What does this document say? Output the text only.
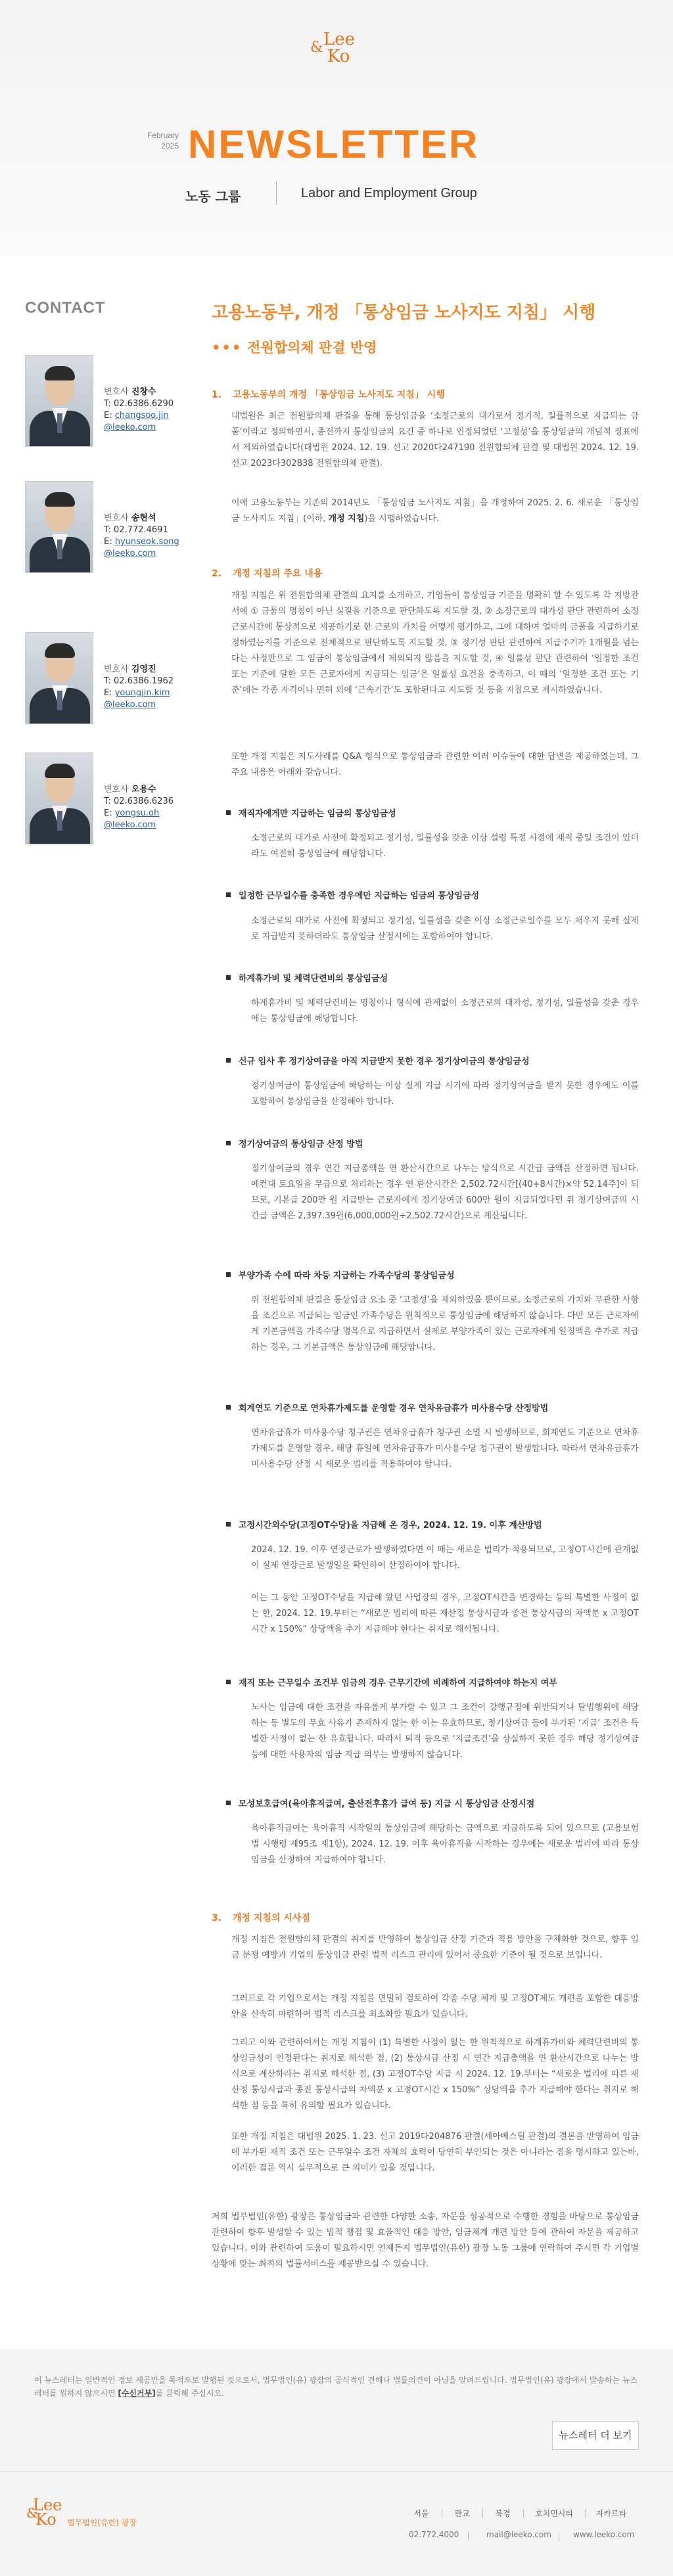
& Lee
Ko
February
2025 NEWSLETTER
노동 그룹	Labor and Employment Group
CONTACT
변호사 진창수
T: 02.6386.6290
E: changsoo.jin
@leeko.com
변호사 송현석
T: 02.772.4691
E: hyunseok.song
@leeko.com
변호사 김영진
T: 02.6386.1962
E: youngjin.kim
@leeko.com
변호사 오용수
T: 02.6386.6236
E: yongsu.oh
@leeko.com
고용노동부, 개정 「통상임금 노사지도 지침」 시행
••• 전원합의체 판결 반영
1. 고용노동부의 개정 「통상임금 노사지도 지침」 시행
대법원은 최근 전원합의체 판결을 통해 통상임금을 ‘소정근로의 대가로서 정기적, 일률적으로 지급되는 금품’이라고 정의하면서, 종전까지 통상임금의 요건 중 하나로 인정되었던 ‘고정성’을 통상임금의 개념적 징표에서 제외하였습니다(대법원 2024. 12. 19. 선고 2020다247190 전원합의체 판결 및 대법원 2024. 12. 19. 선고 2023다302838 전원합의체 판결).
이에 고용노동부는 기존의 2014년도 「통상임금 노사지도 지침」을 개정하여 2025. 2. 6. 새로운 「통상임금 노사지도 지침」(이하, 개정 지침)을 시행하였습니다.
2. 개정 지침의 주요 내용
개정 지침은 위 전원합의체 판결의 요지를 소개하고, 기업들이 통상임금 기준을 명확히 할 수 있도록 각 지방관서에 ① 금품의 명칭이 아닌 실질을 기준으로 판단하도록 지도할 것, ② 소정근로의 대가성 판단 관련하여 소정근로시간에 통상적으로 제공하기로 한 근로의 가치를 어떻게 평가하고, 그에 대하여 얼마의 금품을 지급하기로 정하였는지를 기준으로 전체적으로 판단하도록 지도할 것, ③ 정기성 판단 관련하여 지급주기가 1개월을 넘는다는 사정만으로 그 임금이 통상임금에서 제외되지 않음을 지도할 것, ④ 일률성 판단 관련하여 ‘일정한 조건 또는 기준에 달한 모든 근로자에게 지급되는 임금’은 일률성 요건을 충족하고, 이 때의 ‘일정한 조건 또는 기준’에는 각종 자격이나 면허 외에 ‘근속기간’도 포함된다고 지도할 것 등을 지침으로 제시하였습니다.
또한 개정 지침은 지도사례를 Q&A 형식으로 통상임금과 관련한 여러 이슈들에 대한 답변을 제공하였는데, 그 주요 내용은 아래와 같습니다.
재직자에게만 지급하는 임금의 통상임금성
소정근로의 대가로 사전에 확정되고 정기성, 일률성을 갖춘 이상 설령 특정 시점에 재직 중일 조건이 있더라도 여전히 통상임금에 해당합니다.
일정한 근무일수를 충족한 경우에만 지급하는 임금의 통상임금성
소정근로의 대가로 사전에 확정되고 정기성, 일률성을 갖춘 이상 소정근로일수를 모두 채우지 못해 실제로 지급받지 못하더라도 통상임금 산정시에는 포함하여야 합니다.
하계휴가비 및 체력단련비의 통상임금성
하계휴가비 및 체력단련비는 명칭이나 형식에 관계없이 소정근로의 대가성, 정기성, 일률성을 갖춘 경우에는 통상임금에 해당합니다.
신규 입사 후 정기상여금을 아직 지급받지 못한 경우 정기상여금의 통상임금성
정기상여금이 통상임금에 해당하는 이상 실제 지급 시기에 따라 정기상여금을 받지 못한 경우에도 이를 포함하여 통상임금을 산정해야 합니다.
정기상여금의 통상임금 산정 방법
정기상여금의 경우 연간 지급총액을 연 환산시간으로 나누는 방식으로 시간급 금액을 산정하면 됩니다. 예컨대 토요일을 무급으로 처리하는 경우 연 환산시간은 2,502.72시간[(40+8시간)×약 52.14주]이 되므로, 기본급 200만 원 지급받는 근로자에게 정기상여금 600만 원이 지급되었다면 위 정기상여금의 시간급 금액은 2,397.39원(6,000,000원÷2,502.72시간)으로 계산됩니다.
부양가족 수에 따라 차등 지급하는 가족수당의 통상임금성
위 전원합의체 판결은 통상임금 요소 중 ‘고정성’을 제외하였을 뿐이므로, 소정근로의 가치와 무관한 사항을 조건으로 지급되는 임금인 가족수당은 원칙적으로 통상임금에 해당하지 않습니다. 다만 모든 근로자에게 기본금액을 가족수당 명목으로 지급하면서 실제로 부양가족이 있는 근로자에게 일정액을 추가로 지급하는 경우, 그 기본금액은 통상임금에 해당합니다.
회계연도 기준으로 연차휴가제도를 운영할 경우 연차유급휴가 미사용수당 산정방법
연차유급휴가 미사용수당 청구권은 연차유급휴가 청구권 소멸 시 발생하므로, 회계연도 기준으로 연차휴가제도를 운영할 경우, 해당 휴일에 연차유급휴가 미사용수당 청구권이 발생합니다. 따라서 연차유급휴가 미사용수당 산정 시 새로운 법리를 적용하여야 합니다.
고정시간외수당(고정OT수당)을 지급해 온 경우, 2024. 12. 19. 이후 계산방법
2024. 12. 19. 이후 연장근로가 발생하였다면 이 때는 새로운 법리가 적용되므로, 고정OT시간에 관계없이 실제 연장근로 발생일을 확인하여 산정하여야 합니다.
이는 그 동안 고정OT수당을 지급해 왔던 사업장의 경우, 고정OT시간을 변경하는 등의 특별한 사정이 없는 한, 2024. 12. 19.부터는 “새로운 법리에 따른 재산정 통상시급과 종전 통상시급의 차액분 x 고정OT시간 x 150%” 상당액을 추가 지급해야 한다는 취지로 해석됩니다.
재직 또는 근무일수 조건부 임금의 경우 근무기간에 비례하여 지급하여야 하는지 여부
노사는 임금에 대한 조건을 자유롭게 부가할 수 있고 그 조건이 강행규정에 위반되거나 탈법행위에 해당하는 등 별도의 무효 사유가 존재하지 않는 한 이는 유효하므로, 정기상여금 등에 부가된 ‘지급’ 조건은 특별한 사정이 없는 한 유효합니다. 따라서 퇴직 등으로 ‘지급조건’을 상실하지 못한 경우 해당 정기상여금 등에 대한 사용자의 임금 지급 의무는 발생하지 않습니다.
모성보호급여(육아휴직급여, 출산전후휴가 급여 등) 지급 시 통상임금 산정시점
육아휴직급여는 육아휴직 시작일의 통상임금에 해당하는 금액으로 지급하도록 되어 있으므로 (고용보험법 시행령 제95조 제1항), 2024. 12. 19. 이후 육아휴직을 시작하는 경우에는 새로운 법리에 따라 통상임금을 산정하여 지급하여야 합니다.
3. 개정 지침의 시사점
개정 지침은 전원합의체 판결의 취지를 반영하여 통상임금 산정 기준과 적용 방안을 구체화한 것으로, 향후 임금 분쟁 예방과 기업의 통상임금 관련 법적 리스크 관리에 있어서 중요한 기준이 될 것으로 보입니다.
그러므로 각 기업으로서는 개정 지침을 면밀히 검토하여 각종 수당 체계 및 고정OT제도 개편을 포함한 대응방안을 신속히 마련하여 법적 리스크를 최소화할 필요가 있습니다.
그리고 이와 관련하여서는 개정 지침이 (1) 특별한 사정이 없는 한 원칙적으로 하계휴가비와 체력단련비의 통상임금성이 인정된다는 취지로 해석한 점, (2) 통상시급 산정 시 연간 지급총액을 연 환산시간으로 나누는 방식으로 계산하라는 취지로 해석한 점, (3) 고정OT수당 지급 시 2024. 12. 19.부터는 “새로운 법리에 따른 재산정 통상시급과 종전 통상시급의 차액분 x 고정OT시간 x 150%” 상당액을 추가 지급해야 한다는 취지로 해석한 점 등을 특히 유의할 필요가 있습니다.
또한 개정 지침은 대법원 2025. 1. 23. 선고 2019다204876 판결(세아베스틸 판결)의 결론을 반영하여 임금에 부가된 재직 조건 또는 근무일수 조건 자체의 효력이 당연히 부인되는 것은 아니라는 점을 명시하고 있는바, 이러한 결론 역시 실무적으로 큰 의미가 있을 것입니다.
저희 법무법인(유한) 광장은 통상임금과 관련한 다양한 소송, 자문을 성공적으로 수행한 경험을 바탕으로 통상임금 관련하여 향후 발생할 수 있는 법적 쟁점 및 효율적인 대응 방안, 임금체계 개편 방안 등에 관하여 자문을 제공하고 있습니다. 이와 관련하여 도움이 필요하시면 언제든지 법무법인(유한) 광장 노동 그룹에 연락하여 주시면 각 기업별 상황에 맞는 최적의 법률서비스를 제공받으실 수 있습니다.
이 뉴스레터는 일반적인 정보 제공만을 목적으로 발행된 것으로서, 법무법인(유) 광장의 공식적인 견해나 법률의견이 아님을 알려드립니다. 법무법인(유) 광장에서 발송하는 뉴스레터를 원하지 않으시면 [수신거부]를 클릭해 주십시오.
뉴스레터 더 보기
&
Lee
Ko 법무법인(유한) 광장
서울	판교	북경	호치민시티	자카르타
02.772.4000	mail@leeko.com	www.leeko.com
